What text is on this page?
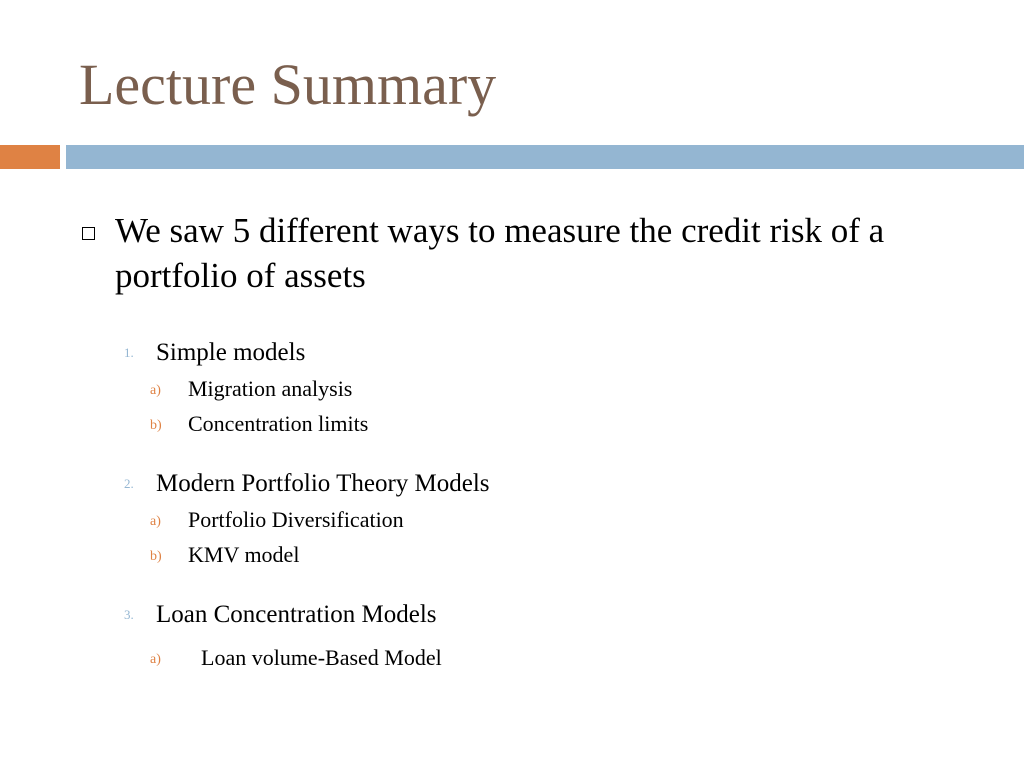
Lecture Summary
We saw 5 different ways to measure the credit risk of a portfolio of assets
1. Simple models
a) Migration analysis
b) Concentration limits
2. Modern Portfolio Theory Models
a) Portfolio Diversification
b) KMV model
3. Loan Concentration Models
a) Loan volume-Based Model
